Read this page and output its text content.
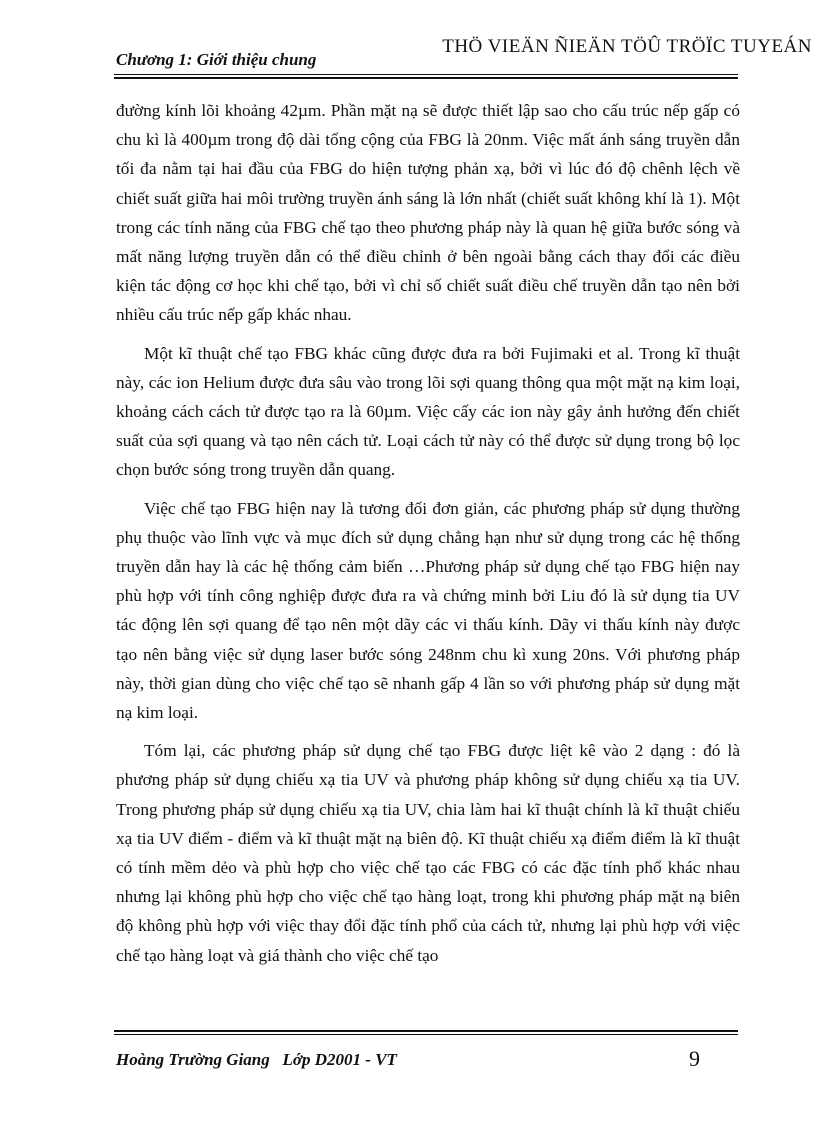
THÖ VIEÄN ÑIEÄN TÖÛ TRÖÏC TUYEÁN
Chương 1: Giới thiệu chung

đường kính lõi khoảng 42µm. Phần mặt nạ sẽ được thiết lập sao cho cấu trúc nếp gấp có chu kì là 400µm trong độ dài tổng cộng của FBG là 20nm. Việc mất ánh sáng truyền dẫn tối đa nằm tại hai đầu của FBG do hiện tượng phản xạ, bởi vì lúc đó độ chênh lệch về chiết suất giữa hai môi trường truyền ánh sáng là lớn nhất (chiết suất không khí là 1). Một trong các tính năng của FBG chế tạo theo phương pháp này là quan hệ giữa bước sóng và mất năng lượng truyền dẫn có thể điều chỉnh ở bên ngoài bằng cách thay đổi các điều kiện tác động cơ học khi chế tạo, bởi vì chỉ số chiết suất điều chế truyền dẫn tạo nên bởi nhiều cấu trúc nếp gấp khác nhau.

Một kĩ thuật chế tạo FBG khác cũng được đưa ra bởi Fujimaki et al. Trong kĩ thuật này, các ion Helium được đưa sâu vào trong lõi sợi quang thông qua một mặt nạ kim loại, khoảng cách cách tử được tạo ra là 60µm. Việc cấy các ion này gây ảnh hưởng đến chiết suất của sợi quang và tạo nên cách tử. Loại cách tử này có thể được sử dụng trong bộ lọc chọn bước sóng trong truyền dẫn quang.

Việc chế tạo FBG hiện nay là tương đối đơn giản, các phương pháp sử dụng thường phụ thuộc vào lĩnh vực và mục đích sử dụng chẳng hạn như sử dụng trong các hệ thống truyền dẫn hay là các hệ thống cảm biến …Phương pháp sử dụng chế tạo FBG hiện nay phù hợp với tính công nghiệp được đưa ra và chứng minh bởi Liu đó là sử dụng tia UV tác động lên sợi quang để tạo nên một dãy các vi thấu kính. Dãy vi thấu kính này được tạo nên bằng việc sử dụng laser bước sóng 248nm chu kì xung 20ns. Với phương pháp này, thời gian dùng cho việc chế tạo sẽ nhanh gấp 4 lần so với phương pháp sử dụng mặt nạ kim loại.

Tóm lại, các phương pháp sử dụng chế tạo FBG được liệt kê vào 2 dạng : đó là phương pháp sử dụng chiếu xạ tia UV và phương pháp không sử dụng chiếu xạ tia UV. Trong phương pháp sử dụng chiếu xạ tia UV, chia làm hai kĩ thuật chính là kĩ thuật chiếu xạ tia UV điểm - điểm và kĩ thuật mặt nạ biên độ. Kĩ thuật chiếu xạ điểm điểm là kĩ thuật có tính mềm dẻo và phù hợp cho việc chế tạo các FBG có các đặc tính phổ khác nhau nhưng lại không phù hợp cho việc chế tạo hàng loạt, trong khi phương pháp mặt nạ biên độ không phù hợp với việc thay đổi đặc tính phổ của cách tử, nhưng lại phù hợp với việc chế tạo hàng loạt và giá thành cho việc chế tạo

Hoàng Trường Giang   Lớp D2001 - VT	9
